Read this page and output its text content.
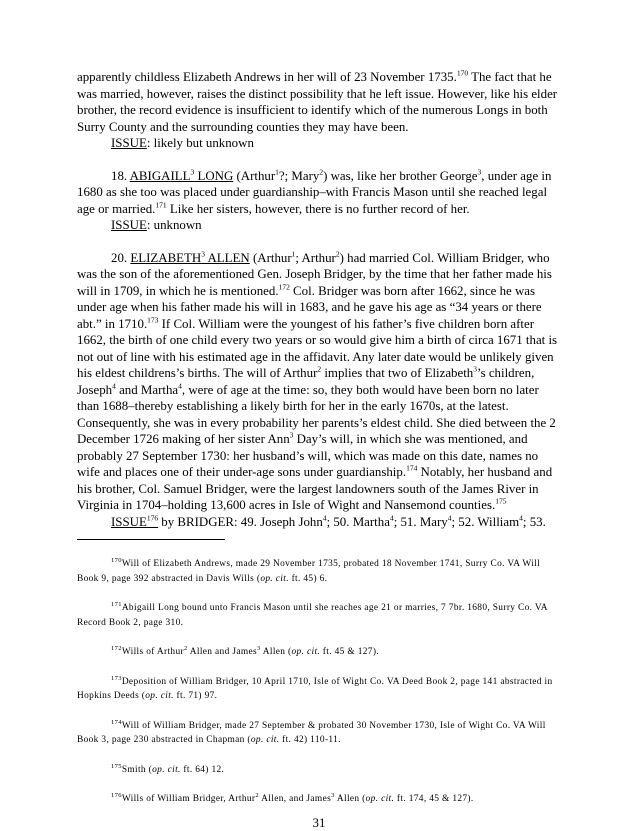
apparently childless Elizabeth Andrews in her will of 23 November 1735.$^{170}$ The fact that he was married, however, raises the distinct possibility that he left issue. However, like his elder brother, the record evidence is insufficient to identify which of the numerous Longs in both Surry County and the surrounding counties they may have been.

ISSUE: likely but unknown

18. ABIGAILL$^3$ LONG (Arthur$^1$?; Mary$^2$) was, like her brother George$^3$, under age in 1680 as she too was placed under guardianship–with Francis Mason until she reached legal age or married.$^{171}$ Like her sisters, however, there is no further record of her.

ISSUE: unknown

20. ELIZABETH$^3$ ALLEN (Arthur$^1$; Arthur$^2$) had married Col. William Bridger, who was the son of the aforementioned Gen. Joseph Bridger, by the time that her father made his will in 1709, in which he is mentioned.$^{172}$ Col. Bridger was born after 1662, since he was under age when his father made his will in 1683, and he gave his age as “34 years or there abt.” in 1710.$^{173}$ If Col. William were the youngest of his father’s five children born after 1662, the birth of one child every two years or so would give him a birth of circa 1671 that is not out of line with his estimated age in the affidavit. Any later date would be unlikely given his eldest childrens’s births. The will of Arthur$^2$ implies that two of Elizabeth$^3$’s children, Joseph$^4$ and Martha$^4$, were of age at the time: so, they both would have been born no later than 1688–thereby establishing a likely birth for her in the early 1670s, at the latest. Consequently, she was in every probability her parents’s eldest child. She died between the 2 December 1726 making of her sister Ann$^3$ Day’s will, in which she was mentioned, and probably 27 September 1730: her husband’s will, which was made on this date, names no wife and places one of their under-age sons under guardianship.$^{174}$ Notably, her husband and his brother, Col. Samuel Bridger, were the largest landowners south of the James River in Virginia in 1704–holding 13,600 acres in Isle of Wight and Nansemond counties.$^{175}$

ISSUE$^{176}$ by BRIDGER: 49. Joseph John$^4$; 50. Martha$^4$; 51. Mary$^4$; 52. William$^4$; 53.

$^{170}$Will of Elizabeth Andrews, made 29 November 1735, probated 18 November 1741, Surry Co. VA Will Book 9, page 392 abstracted in Davis Wills (op. cit. ft. 45) 6.

$^{171}$Abigaill Long bound unto Francis Mason until she reaches age 21 or marries, 7 7br. 1680, Surry Co. VA Record Book 2, page 310.

$^{172}$Wills of Arthur$^2$ Allen and James$^3$ Allen (op. cit. ft. 45 & 127).

$^{173}$Deposition of William Bridger, 10 April 1710, Isle of Wight Co. VA Deed Book 2, page 141 abstracted in Hopkins Deeds (op. cit. ft. 71) 97.

$^{174}$Will of William Bridger, made 27 September & probated 30 November 1730, Isle of Wight Co. VA Will Book 3, page 230 abstracted in Chapman (op. cit. ft. 42) 110-11.

$^{175}$Smith (op. cit. ft. 64) 12.

$^{176}$Wills of William Bridger, Arthur$^2$ Allen, and James$^3$ Allen (op. cit. ft. 174, 45 & 127).

31
